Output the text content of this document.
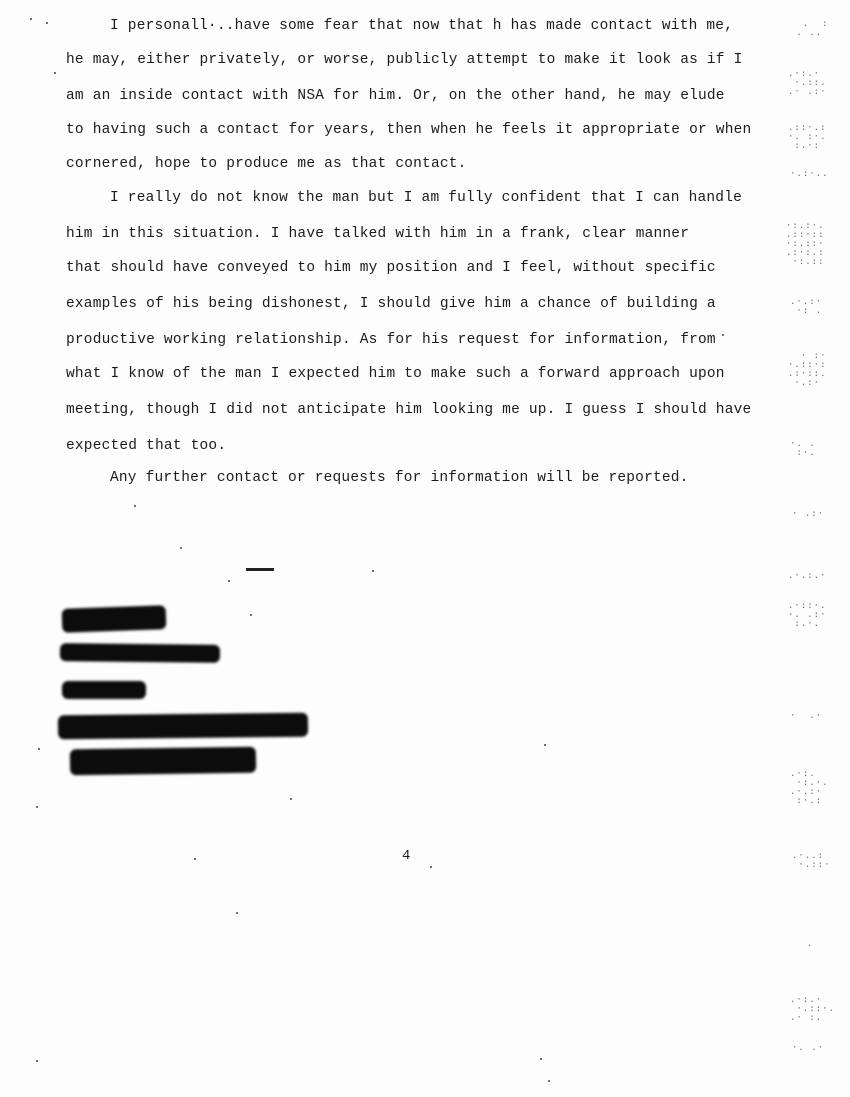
I personall·..have some fear that now that h has made contact with me,
he may, either privately, or worse, publicly attempt to make it look as if I
am an inside contact with NSA for him. Or, on the other hand, he may elude
to having such a contact for years, then when he feels it appropriate or when
cornered, hope to produce me as that contact.
I really do not know the man but I am fully confident that I can handle
him in this situation. I have talked with him in a frank, clear manner
that should have conveyed to him my position and I feel, without specific
examples of his being dishonest, I should give him a chance of building a
productive working relationship. As for his request for information, from
what I know of the man I expected him to make such a forward approach upon
meeting, though I did not anticipate him looking me up. I guess I should have
expected that too.
Any further contact or requests for information will be reported.
4
.  :
. ..
.·:.·
·.::.
.· .:·
.::·.:
·. :·.
:.·:
·.:·..
·:.:·.
.::·::
·:.::·
.:·:.:
·:.::
.·.:·
·: .
· :·
·.::·:
.:·::.
·.:·
·. .
:·.
· .:·
.·.:.·
.·::·.
·. .:·
:.·.
·  .·
.·:.
·:.·.
.·.:·
:·.:
.·..:
·.::·
.
.·:.·
·.::·.
.· :.
·. .·
